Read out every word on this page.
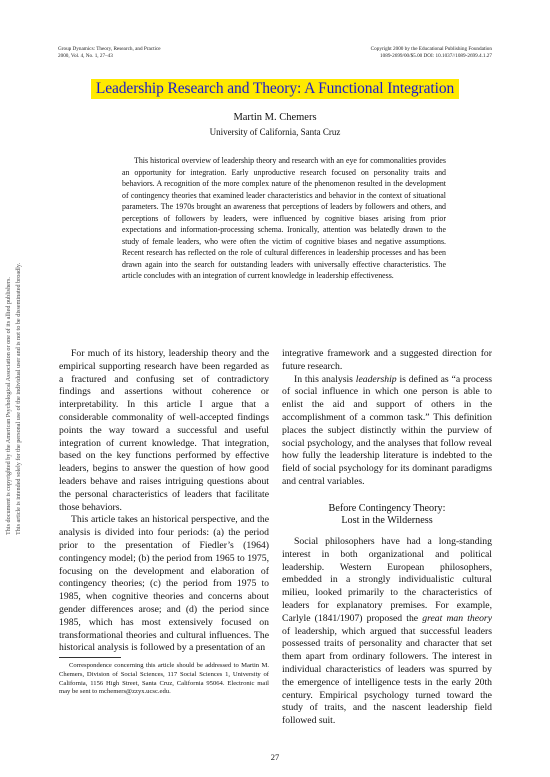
Group Dynamics: Theory, Research, and Practice
2000, Vol. 4, No. 1, 27–43
Copyright 2000 by the Educational Publishing Foundation
1089-2699/00/$5.00 DOI: 10.1037//1089-2699.4.1.27
Leadership Research and Theory: A Functional Integration
Martin M. Chemers
University of California, Santa Cruz
This historical overview of leadership theory and research with an eye for commonalities provides an opportunity for integration. Early unproductive research focused on personality traits and behaviors. A recognition of the more complex nature of the phenomenon resulted in the development of contingency theories that examined leader characteristics and behavior in the context of situational parameters. The 1970s brought an awareness that perceptions of leaders by followers and others, and perceptions of followers by leaders, were influenced by cognitive biases arising from prior expectations and information-processing schema. Ironically, attention was belatedly drawn to the study of female leaders, who were often the victim of cognitive biases and negative assumptions. Recent research has reflected on the role of cultural differences in leadership processes and has been drawn again into the search for outstanding leaders with universally effective characteristics. The article concludes with an integration of current knowledge in leadership effectiveness.
This document is copyrighted by the American Psychological Association or one of its allied publishers. This article is intended solely for the personal use of the individual user and is not to be disseminated broadly.	For much of its history, leadership theory and the empirical supporting research have been regarded as a fractured and confusing set of contradictory findings and assertions without coherence or interpretability. In this article I argue that a considerable commonality of well-accepted findings points the way toward a successful and useful integration of current knowledge. That integration, based on the key functions performed by effective leaders, begins to answer the question of how good leaders behave and raises intriguing questions about the personal characteristics of leaders that facilitate those behaviors.

This article takes an historical perspective, and the analysis is divided into four periods: (a) the period prior to the presentation of Fiedler’s (1964) contingency model; (b) the period from 1965 to 1975, focusing on the development and elaboration of contingency theories; (c) the period from 1975 to 1985, when cognitive theories and concerns about gender differences arose; and (d) the period since 1985, which has most extensively focused on transformational theories and cultural influences. The historical analysis is followed by a presentation of an

integrative framework and a suggested direction for future research.

In this analysis leadership is defined as “a process of social influence in which one person is able to enlist the aid and support of others in the accomplishment of a common task.” This definition places the subject distinctly within the purview of social psychology, and the analyses that follow reveal how fully the leadership literature is indebted to the field of social psychology for its dominant paradigms and central variables.

Before Contingency Theory:
Lost in the Wilderness

Social philosophers have had a long-standing interest in both organizational and political leadership. Western European philosophers, embedded in a strongly individualistic cultural milieu, looked primarily to the characteristics of leaders for explanatory premises. For example, Carlyle (1841/1907) proposed the great man theory of leadership, which argued that successful leaders possessed traits of personality and character that set them apart from ordinary followers. The interest in individual characteristics of leaders was spurred by the emergence of intelligence tests in the early 20th century. Empirical psychology turned toward the study of traits, and the nascent leadership field followed suit.

Correspondence concerning this article should be addressed to Martin M. Chemers, Division of Social Sciences, 117 Social Sciences 1, University of California, 1156 High Street, Santa Cruz, California 95064. Electronic mail may be sent to mchemers@zzyx.ucsc.edu.
27
